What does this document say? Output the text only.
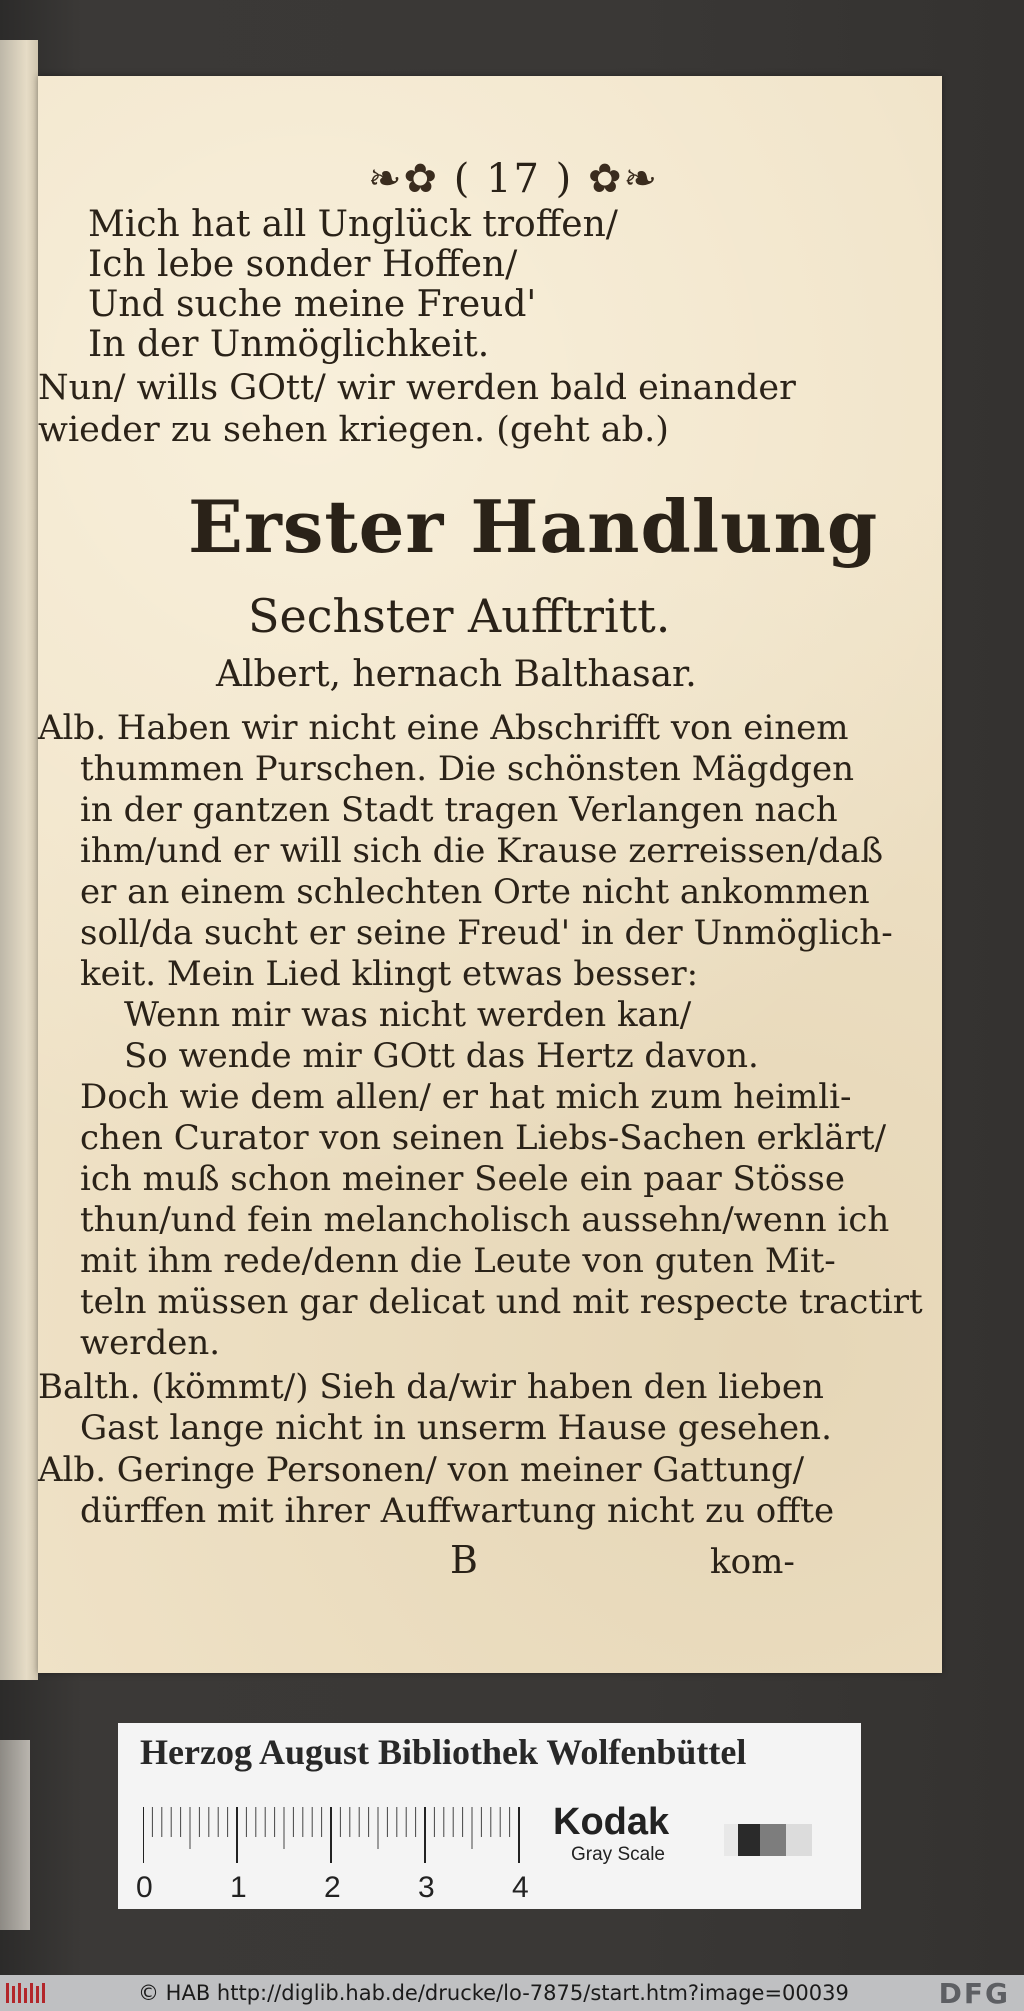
❧✿ ( 17 ) ✿❧
Mich hat all Unglück troffen/
Ich lebe sonder Hoffen/
Und suche meine Freud'
In der Unmöglichkeit.
Nun/ wills GOtt/ wir werden bald einander
wieder zu sehen kriegen. (geht ab.)
Erster Handlung
Sechster Aufftritt.
Albert, hernach Balthasar.
Alb. Haben wir nicht eine Abschrifft von einem
thummen Purschen. Die schönsten Mägdgen
in der gantzen Stadt tragen Verlangen nach
ihm/und er will sich die Krause zerreissen/daß
er an einem schlechten Orte nicht ankommen
soll/da sucht er seine Freud' in der Unmöglich-
keit. Mein Lied klingt etwas besser:
Wenn mir was nicht werden kan/
So wende mir GOtt das Hertz davon.
Doch wie dem allen/ er hat mich zum heimli-
chen Curator von seinen Liebs-Sachen erklärt/
ich muß schon meiner Seele ein paar Stösse
thun/und fein melancholisch aussehn/wenn ich
mit ihm rede/denn die Leute von guten Mit-
teln müssen gar delicat und mit respecte tractirt
werden.
Balth. (kömmt/) Sieh da/wir haben den lieben
Gast lange nicht in unserm Hause gesehen.
Alb. Geringe Personen/ von meiner Gattung/
dürffen mit ihrer Auffwartung nicht zu offte
B	kom-
Herzog August Bibliothek Wolfenbüttel
0	1	2	3	4
Kodak
Gray Scale
© HAB http://diglib.hab.de/drucke/lo-7875/start.htm?image=00039	DFG
